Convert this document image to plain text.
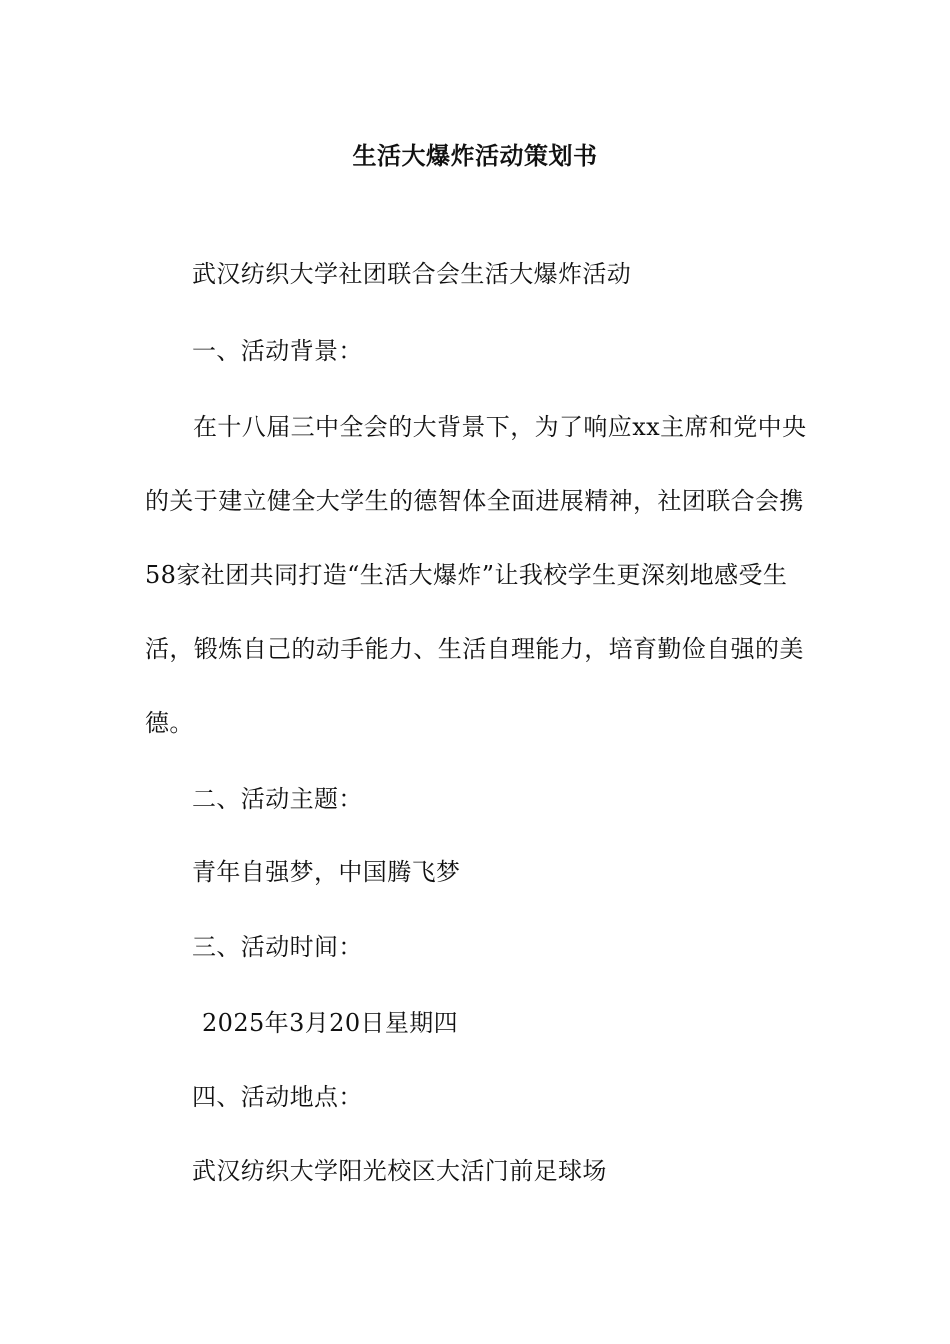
生活大爆炸活动策划书
武汉纺织大学社团联合会生活大爆炸活动
一、活动背景：
在十八届三中全会的大背景下，为了响应xx主席和党中央的关于建立健全大学生的德智体全面进展精神，社团联合会携58家社团共同打造“生活大爆炸”让我校学生更深刻地感受生活，锻炼自己的动手能力、生活自理能力，培育勤俭自强的美德。
二、活动主题：
青年自强梦，中国腾飞梦
三、活动时间：
2025年3月20日星期四
四、活动地点：
武汉纺织大学阳光校区大活门前足球场
